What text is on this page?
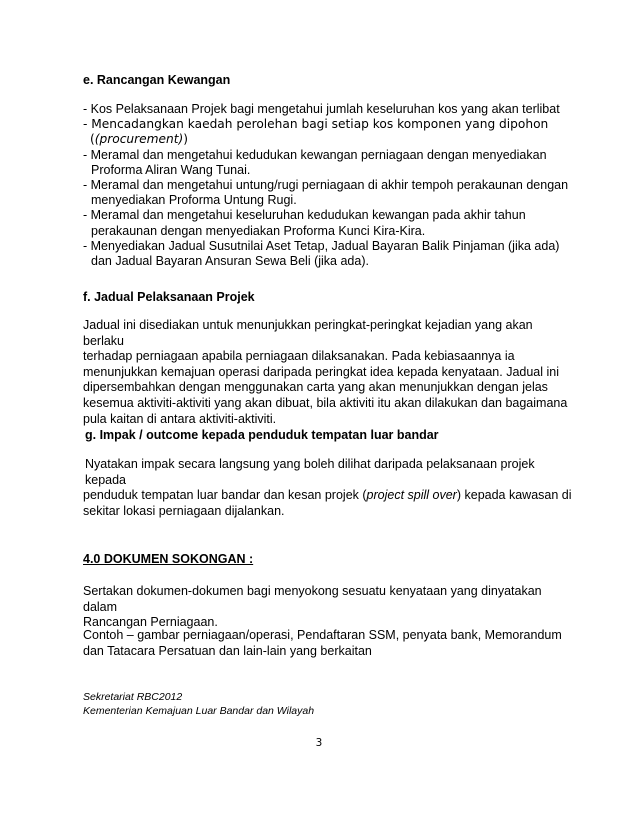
e. Rancangan Kewangan
- Kos Pelaksanaan Projek bagi mengetahui jumlah keseluruhan kos yang akan terlibat
- Mencadangkan kaedah perolehan bagi setiap kos komponen yang dipohon
((procurement))
- Meramal dan mengetahui kedudukan kewangan perniagaan dengan menyediakan
Proforma Aliran Wang Tunai.
- Meramal dan mengetahui untung/rugi perniagaan di akhir tempoh perakaunan dengan
menyediakan Proforma Untung Rugi.
- Meramal dan mengetahui keseluruhan kedudukan kewangan pada akhir tahun
perakaunan dengan menyediakan Proforma Kunci Kira-Kira.
- Menyediakan Jadual Susutnilai Aset Tetap, Jadual Bayaran Balik Pinjaman (jika ada)
dan Jadual Bayaran Ansuran Sewa Beli (jika ada).
f. Jadual Pelaksanaan Projek
Jadual ini disediakan untuk menunjukkan peringkat-peringkat kejadian yang akan berlaku
terhadap perniagaan apabila perniagaan dilaksanakan. Pada kebiasaannya ia
menunjukkan kemajuan operasi daripada peringkat idea kepada kenyataan. Jadual ini
dipersembahkan dengan menggunakan carta yang akan menunjukkan dengan jelas
kesemua aktiviti-aktiviti yang akan dibuat, bila aktiviti itu akan dilakukan dan bagaimana
pula kaitan di antara aktiviti-aktiviti.
g. Impak / outcome kepada penduduk tempatan luar bandar
Nyatakan impak secara langsung yang boleh dilihat daripada pelaksanaan projek kepada
penduduk tempatan luar bandar dan kesan projek (project spill over) kepada kawasan di
sekitar lokasi perniagaan dijalankan.
4.0 DOKUMEN SOKONGAN :
Sertakan dokumen-dokumen bagi menyokong sesuatu kenyataan yang dinyatakan dalam
Rancangan Perniagaan.
Contoh – gambar perniagaan/operasi, Pendaftaran SSM, penyata bank, Memorandum
dan Tatacara Persatuan dan lain-lain yang berkaitan
Sekretariat RBC2012
Kementerian Kemajuan Luar Bandar dan Wilayah
3
